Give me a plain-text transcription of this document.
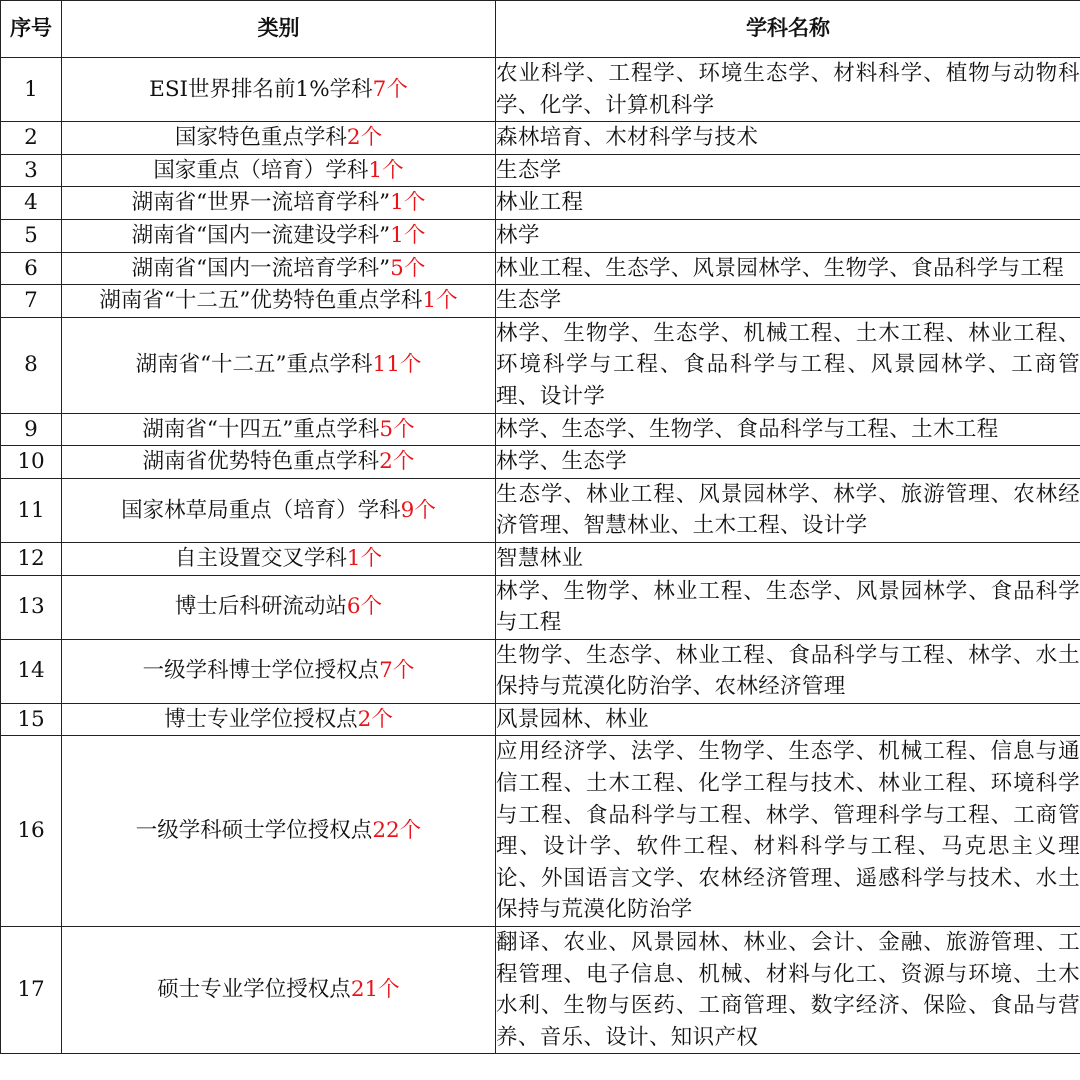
序号	类别	学科名称
1	ESI世界排名前1%学科7个	农业科学、工程学、环境生态学、材料科学、植物与动物科学、化学、计算机科学
2	国家特色重点学科2个	森林培育、木材科学与技术
3	国家重点（培育）学科1个	生态学
4	湖南省“世界一流培育学科”1个	林业工程
5	湖南省“国内一流建设学科”1个	林学
6	湖南省“国内一流培育学科”5个	林业工程、生态学、风景园林学、生物学、食品科学与工程
7	湖南省“十二五”优势特色重点学科1个	生态学
8	湖南省“十二五”重点学科11个	林学、生物学、生态学、机械工程、土木工程、林业工程、环境科学与工程、食品科学与工程、风景园林学、工商管理、设计学
9	湖南省“十四五”重点学科5个	林学、生态学、生物学、食品科学与工程、土木工程
10	湖南省优势特色重点学科2个	林学、生态学
11	国家林草局重点（培育）学科9个	生态学、林业工程、风景园林学、林学、旅游管理、农林经济管理、智慧林业、土木工程、设计学
12	自主设置交叉学科1个	智慧林业
13	博士后科研流动站6个	林学、生物学、林业工程、生态学、风景园林学、食品科学与工程
14	一级学科博士学位授权点7个	生物学、生态学、林业工程、食品科学与工程、林学、水土保持与荒漠化防治学、农林经济管理
15	博士专业学位授权点2个	风景园林、林业
16	一级学科硕士学位授权点22个	应用经济学、法学、生物学、生态学、机械工程、信息与通信工程、土木工程、化学工程与技术、林业工程、环境科学与工程、食品科学与工程、林学、管理科学与工程、工商管理、设计学、软件工程、材料科学与工程、马克思主义理论、外国语言文学、农林经济管理、遥感科学与技术、水土保持与荒漠化防治学
17	硕士专业学位授权点21个	翻译、农业、风景园林、林业、会计、金融、旅游管理、工程管理、电子信息、机械、材料与化工、资源与环境、土木水利、生物与医药、工商管理、数字经济、保险、食品与营养、音乐、设计、知识产权
